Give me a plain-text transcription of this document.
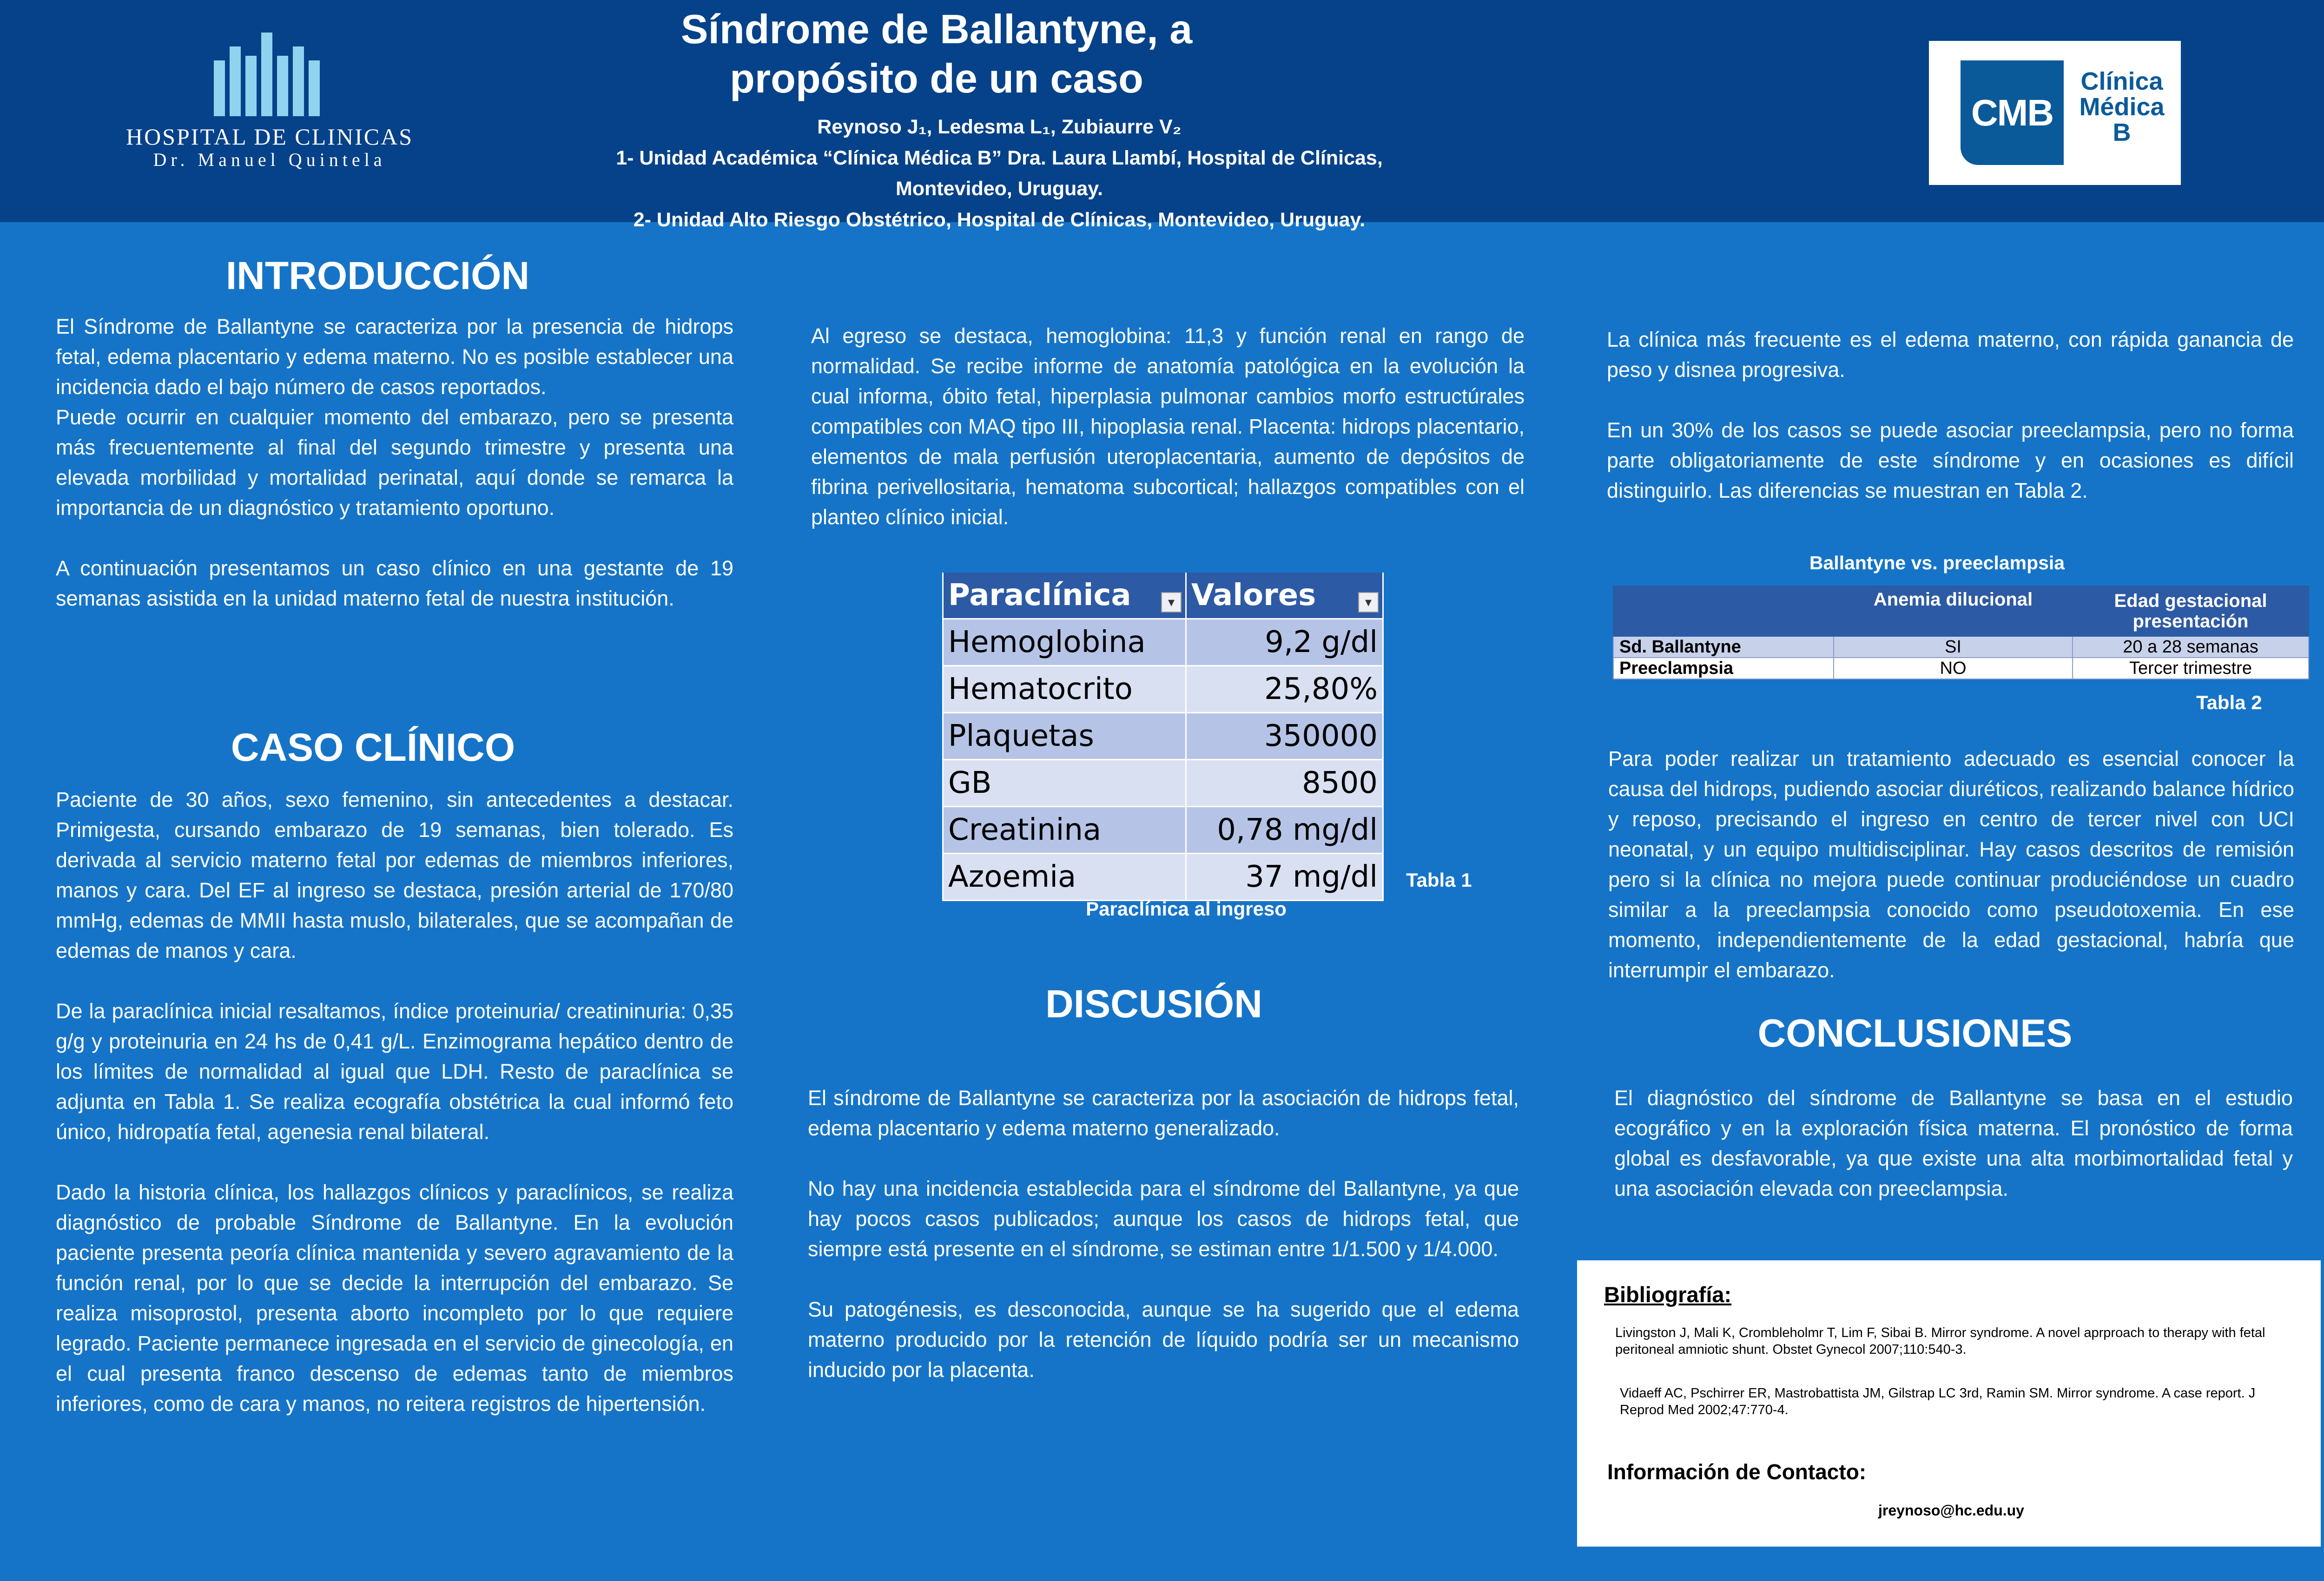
HOSPITAL DE CLINICAS
Dr. Manuel Quintela
Síndrome de Ballantyne, a propósito de un caso
Reynoso J₁, Ledesma L₁, Zubiaurre V₂
1- Unidad Académica “Clínica Médica B” Dra. Laura Llambí, Hospital de Clínicas, Montevideo, Uruguay.
2- Unidad Alto Riesgo Obstétrico, Hospital de Clínicas, Montevideo, Uruguay.
CMB
Clínica
Médica
B
INTRODUCCIÓN

El Síndrome de Ballantyne se caracteriza por la presencia de hidrops fetal, edema placentario y edema materno. No es posible establecer una incidencia dado el bajo número de casos reportados.
Puede ocurrir en cualquier momento del embarazo, pero se presenta más frecuentemente al final del segundo trimestre y presenta una elevada morbilidad y mortalidad perinatal, aquí donde se remarca la importancia de un diagnóstico y tratamiento oportuno.

A continuación presentamos un caso clínico en una gestante de 19 semanas asistida en la unidad materno fetal de nuestra institución.

CASO CLÍNICO

Paciente de 30 años, sexo femenino, sin antecedentes a destacar. Primigesta, cursando embarazo de 19 semanas, bien tolerado. Es derivada al servicio materno fetal por edemas de miembros inferiores, manos y cara. Del EF al ingreso se destaca, presión arterial de 170/80 mmHg, edemas de MMII hasta muslo, bilaterales, que se acompañan de edemas de manos y cara.

De la paraclínica inicial resaltamos, índice proteinuria/ creatininuria: 0,35 g/g y proteinuria en 24 hs de 0,41 g/L. Enzimograma hepático dentro de los límites de normalidad al igual que LDH. Resto de paraclínica se adjunta en Tabla 1. Se realiza ecografía obstétrica la cual informó feto único, hidropatía fetal, agenesia renal bilateral.

Dado la historia clínica, los hallazgos clínicos y paraclínicos, se realiza diagnóstico de probable Síndrome de Ballantyne. En la evolución paciente presenta peoría clínica mantenida y severo agravamiento de la función renal, por lo que se decide la interrupción del embarazo. Se realiza misoprostol, presenta aborto incompleto por lo que requiere legrado. Paciente permanece ingresada en el servicio de ginecología, en el cual presenta franco descenso de edemas tanto de miembros inferiores, como de cara y manos, no reitera registros de hipertensión.

Al egreso se destaca, hemoglobina: 11,3 y función renal en rango de normalidad. Se recibe informe de anatomía patológica en la evolución la cual informa, óbito fetal, hiperplasia pulmonar cambios morfo estructúrales compatibles con MAQ tipo III, hipoplasia renal. Placenta: hidrops placentario, elementos de mala perfusión uteroplacentaria, aumento de depósitos de fibrina perivellositaria, hematoma subcortical; hallazgos compatibles con el planteo clínico inicial.

Paraclínica ▾	Valores ▾

Hemoglobina	9,2 g/dl
Hematocrito	25,80%
Plaquetas	350000
GB	8500
Creatinina	0,78 mg/dl
Azoemia	37 mg/dl Tabla 1
Paraclínica al ingreso
DISCUSIÓN

El síndrome de Ballantyne se caracteriza por la asociación de hidrops fetal, edema placentario y edema materno generalizado.

No hay una incidencia establecida para el síndrome del Ballantyne, ya que hay pocos casos publicados; aunque los casos de hidrops fetal, que siempre está presente en el síndrome, se estiman entre 1/1.500 y 1/4.000.

Su patogénesis, es desconocida, aunque se ha sugerido que el edema materno producido por la retención de líquido podría ser un mecanismo inducido por la placenta.

La clínica más frecuente es el edema materno, con rápida ganancia de peso y disnea progresiva.

En un 30% de los casos se puede asociar preeclampsia, pero no forma parte obligatoriamente de este síndrome y en ocasiones es difícil distinguirlo. Las diferencias se muestran en Tabla 2.

Ballantyne vs. preeclampsia
	Anemia dilucional	Edad gestacional presentación
Sd. Ballantyne	SI	20 a 28 semanas
Preeclampsia	NO	Tercer trimestre
Tabla 2

Para poder realizar un tratamiento adecuado es esencial conocer la causa del hidrops, pudiendo asociar diuréticos, realizando balance hídrico y reposo, precisando el ingreso en centro de tercer nivel con UCI neonatal, y un equipo multidisciplinar. Hay casos descritos de remisión pero si la clínica no mejora puede continuar produciéndose un cuadro similar a la preeclampsia conocido como pseudotoxemia. En ese momento, independientemente de la edad gestacional, habría que interrumpir el embarazo.

CONCLUSIONES

El diagnóstico del síndrome de Ballantyne se basa en el estudio ecográfico y en la exploración física materna. El pronóstico de forma global es desfavorable, ya que existe una alta morbimortalidad fetal y una asociación elevada con preeclampsia.

Bibliografía:
Livingston J, Mali K, Crombleholmr T, Lim F, Sibai B. Mirror syndrome. A novel aprproach to therapy with fetal peritoneal amniotic shunt. Obstet Gynecol 2007;110:540-3.
Vidaeff AC, Pschirrer ER, Mastrobattista JM, Gilstrap LC 3rd, Ramin SM. Mirror syndrome. A case report. J Reprod Med 2002;47:770-4.
Información de Contacto:
jreynoso@hc.edu.uy
